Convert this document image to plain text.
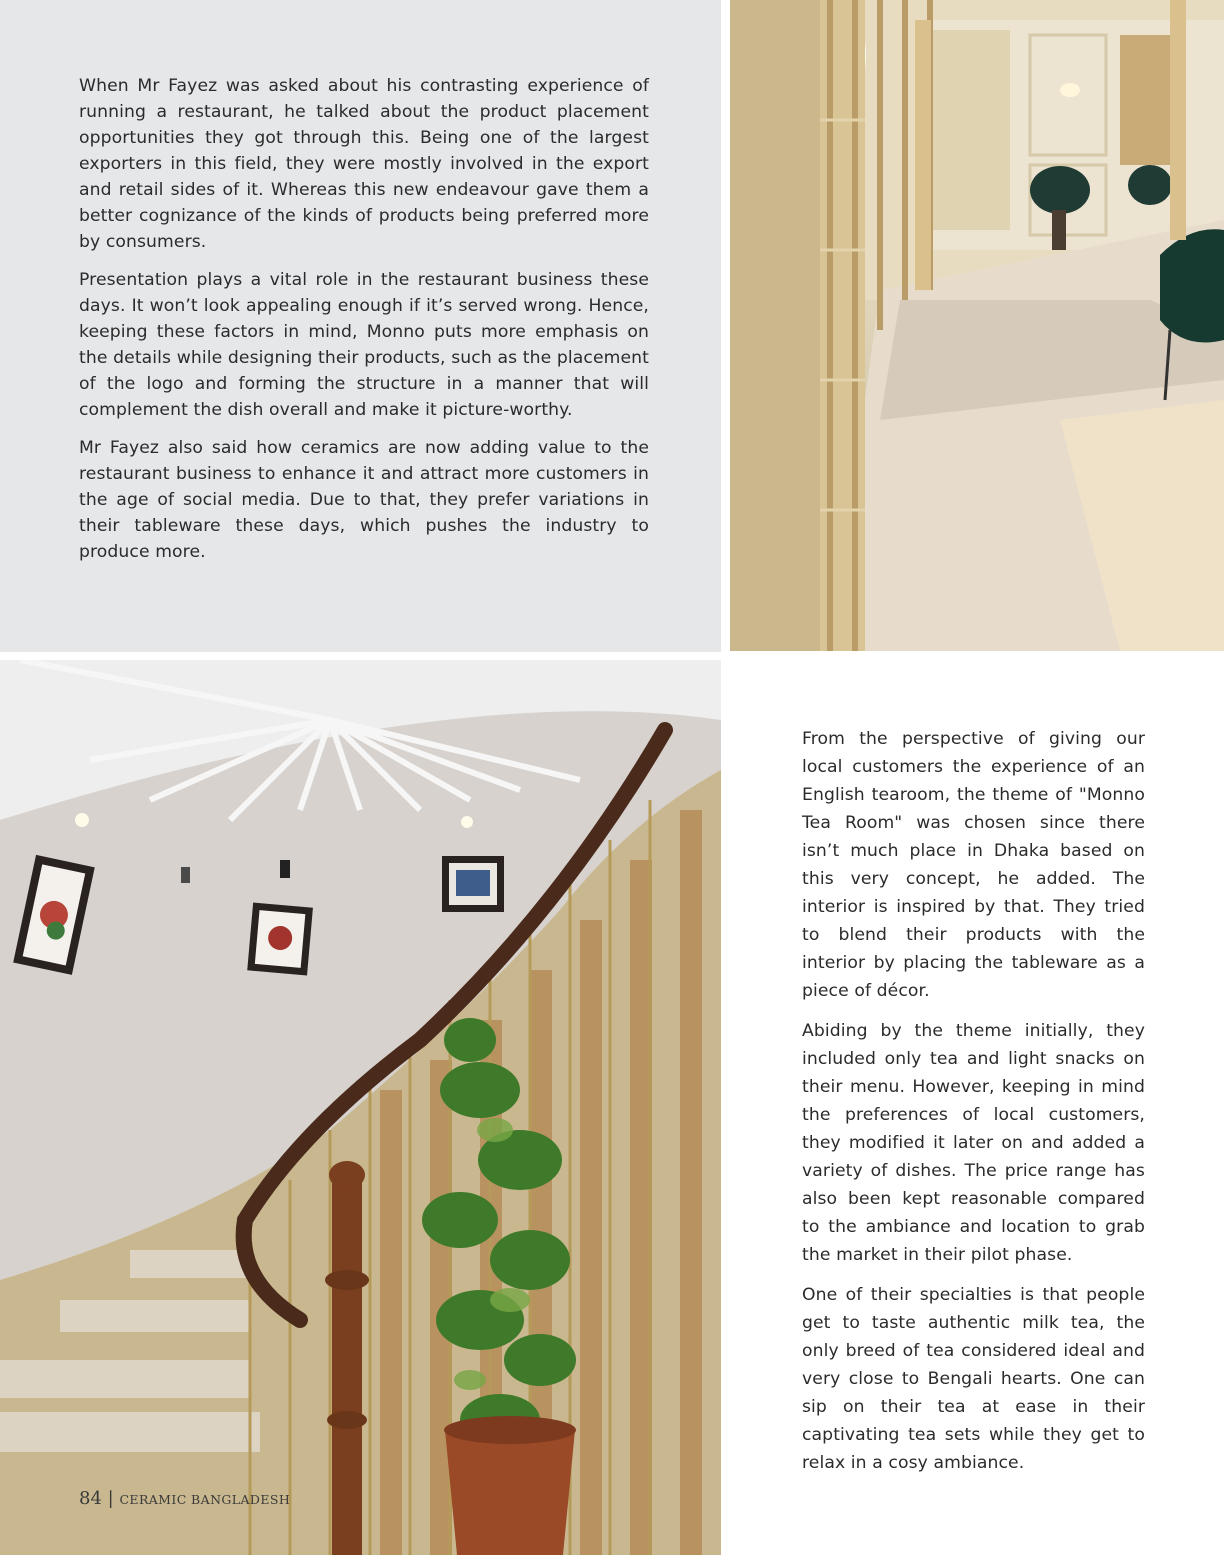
When Mr Fayez was asked about his contrasting experience of running a restaurant, he talked about the product placement opportunities they got through this. Being one of the largest exporters in this field, they were mostly involved in the export and retail sides of it. Whereas this new endeavour gave them a better cognizance of the kinds of products being preferred more by consumers.

Presentation plays a vital role in the restaurant business these days. It won’t look appealing enough if it’s served wrong. Hence, keeping these factors in mind, Monno puts more emphasis on the details while designing their products, such as the placement of the logo and forming the structure in a manner that will complement the dish overall and make it picture-worthy.

Mr Fayez also said how ceramics are now adding value to the restaurant business to enhance it and attract more customers in the age of social media. Due to that, they prefer variations in their tableware these days, which pushes the industry to produce more.

From the perspective of giving our local customers the experience of an English tearoom, the theme of "Monno Tea Room" was chosen since there isn’t much place in Dhaka based on this very concept, he added. The interior is inspired by that. They tried to blend their products with the interior by placing the tableware as a piece of décor.

Abiding by the theme initially, they included only tea and light snacks on their menu. However, keeping in mind the preferences of local customers, they modified it later on and added a variety of dishes. The price range has also been kept reasonable compared to the ambiance and location to grab the market in their pilot phase.

One of their specialties is that people get to taste authentic milk tea, the only breed of tea considered ideal and very close to Bengali hearts. One can sip on their tea at ease in their captivating tea sets while they get to relax in a cosy ambiance.

84 | CERAMIC BANGLADESH
